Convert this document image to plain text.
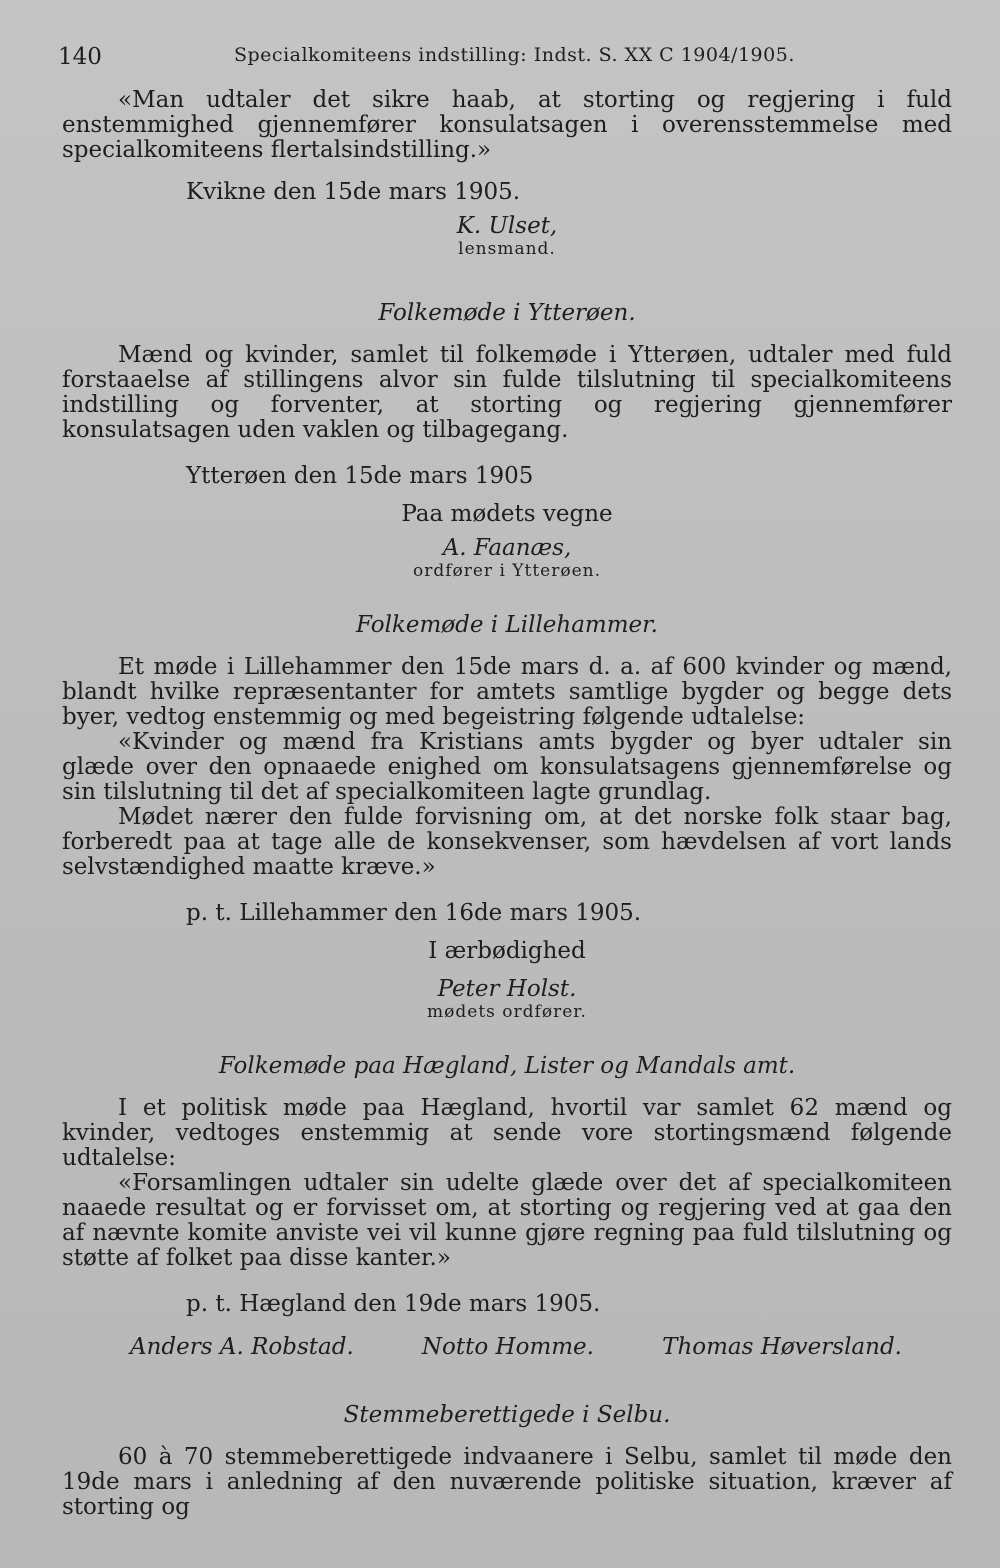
140	Specialkomiteens indstilling: Indst. S. XX C 1904/1905.

«Man udtaler det sikre haab, at storting og regjering i fuld enstemmighed gjennemfører konsulatsagen i overensstemmelse med specialkomiteens flertalsindstilling.»

Kvikne den 15de mars 1905.

K. Ulset,
lensmand.
Folkemøde i Ytterøen.

Mænd og kvinder, samlet til folkemøde i Ytterøen, udtaler med fuld forstaaelse af stillingens alvor sin fulde tilslutning til specialkomiteens indstilling og forventer, at storting og regjering gjennemfører konsulatsagen uden vaklen og tilbagegang.

Ytterøen den 15de mars 1905

Paa mødets vegne
A. Faanæs,
ordfører i Ytterøen.
Folkemøde i Lillehammer.

Et møde i Lillehammer den 15de mars d. a. af 600 kvinder og mænd, blandt hvilke repræsentanter for amtets samtlige bygder og begge dets byer, vedtog enstemmig og med begeistring følgende udtalelse:

«Kvinder og mænd fra Kristians amts bygder og byer udtaler sin glæde over den opnaaede enighed om konsulatsagens gjennemførelse og sin tilslutning til det af specialkomiteen lagte grundlag.

Mødet nærer den fulde forvisning om, at det norske folk staar bag, forberedt paa at tage alle de konsekvenser, som hævdelsen af vort lands selvstændighed maatte kræve.»

p. t. Lillehammer den 16de mars 1905.

I ærbødighed
Peter Holst.
mødets ordfører.
Folkemøde paa Hægland, Lister og Mandals amt.

I et politisk møde paa Hægland, hvortil var samlet 62 mænd og kvinder, vedtoges enstemmig at sende vore stortingsmænd følgende udtalelse:

«Forsamlingen udtaler sin udelte glæde over det af specialkomiteen naaede resultat og er forvisset om, at storting og regjering ved at gaa den af nævnte komite anviste vei vil kunne gjøre regning paa fuld tilslutning og støtte af folket paa disse kanter.»

p. t. Hægland den 19de mars 1905.

Anders A. Robstad.	Notto Homme.	Thomas Høversland.
Stemmeberettigede i Selbu.

60 à 70 stemmeberettigede indvaanere i Selbu, samlet til møde den 19de mars i anledning af den nuværende politiske situation, kræver af storting og
